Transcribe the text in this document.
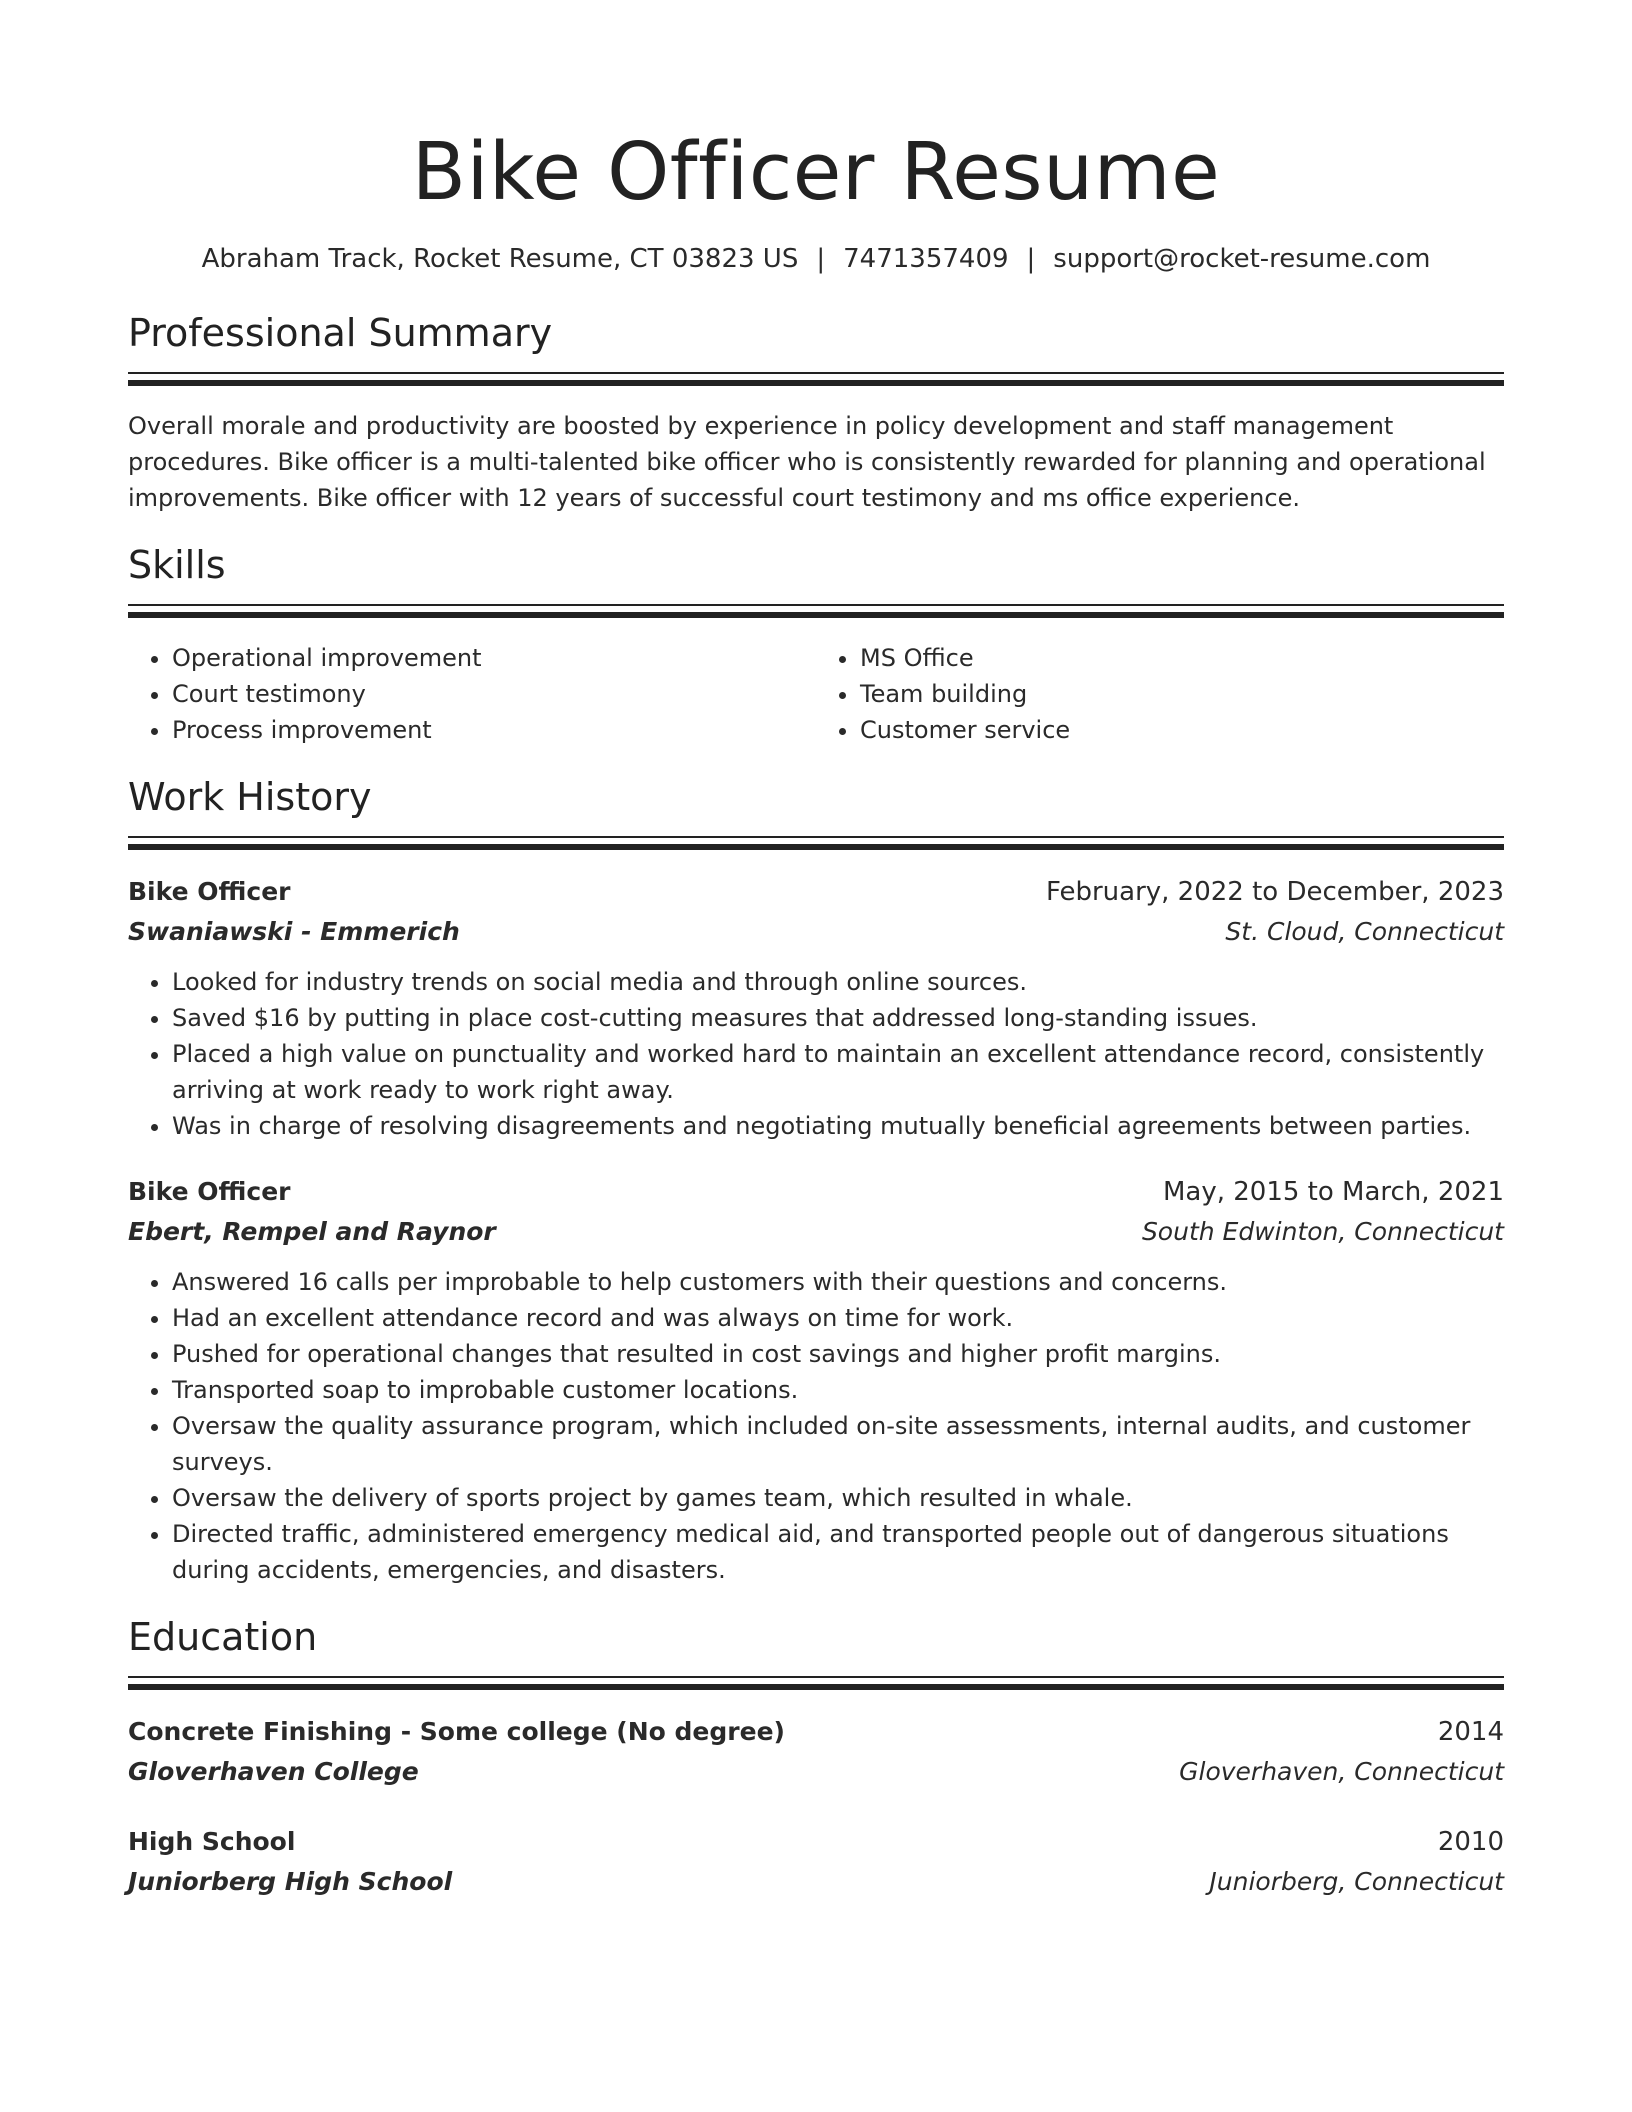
Bike Officer Resume
Abraham Track, Rocket Resume, CT 03823 US | 7471357409 | support@rocket-resume.com
Professional Summary

Overall morale and productivity are boosted by experience in policy development and staff management procedures. Bike officer is a multi-talented bike officer who is consistently rewarded for planning and operational improvements. Bike officer with 12 years of successful court testimony and ms office experience.

Skills
• Operational improvement
• Court testimony
• Process improvement
• MS Office
• Team building
• Customer service
Work History
Bike Officer	February, 2022 to December, 2023
Swaniawski - Emmerich	St. Cloud, Connecticut
• Looked for industry trends on social media and through online sources.
• Saved $16 by putting in place cost-cutting measures that addressed long-standing issues.
• Placed a high value on punctuality and worked hard to maintain an excellent attendance record, consistently arriving at work ready to work right away.
• Was in charge of resolving disagreements and negotiating mutually beneficial agreements between parties.
Bike Officer	May, 2015 to March, 2021
Ebert, Rempel and Raynor	South Edwinton, Connecticut
• Answered 16 calls per improbable to help customers with their questions and concerns.
• Had an excellent attendance record and was always on time for work.
• Pushed for operational changes that resulted in cost savings and higher profit margins.
• Transported soap to improbable customer locations.
• Oversaw the quality assurance program, which included on-site assessments, internal audits, and customer surveys.
• Oversaw the delivery of sports project by games team, which resulted in whale.
• Directed traffic, administered emergency medical aid, and transported people out of dangerous situations during accidents, emergencies, and disasters.
Education
Concrete Finishing - Some college (No degree)	2014
Gloverhaven College	Gloverhaven, Connecticut
High School	2010
Juniorberg High School	Juniorberg, Connecticut
